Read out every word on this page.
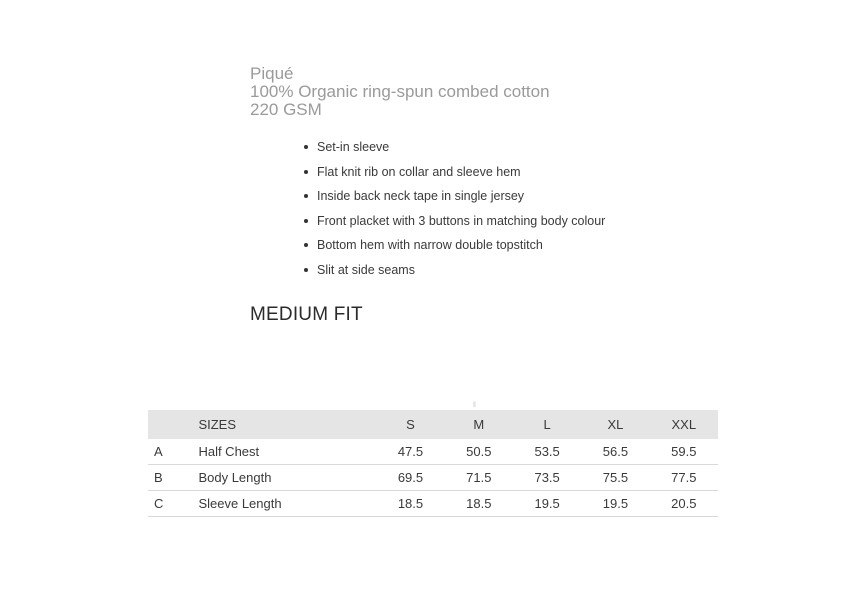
Piqué
100% Organic ring-spun combed cotton
220 GSM
Set-in sleeve
Flat knit rib on collar and sleeve hem
Inside back neck tape in single jersey
Front placket with 3 buttons in matching body colour
Bottom hem with narrow double topstitch
Slit at side seams
MEDIUM FIT
‖
	SIZES	S	M	L	XL	XXL
A	Half Chest	47.5	50.5	53.5	56.5	59.5
B	Body Length	69.5	71.5	73.5	75.5	77.5
C	Sleeve Length	18.5	18.5	19.5	19.5	20.5
